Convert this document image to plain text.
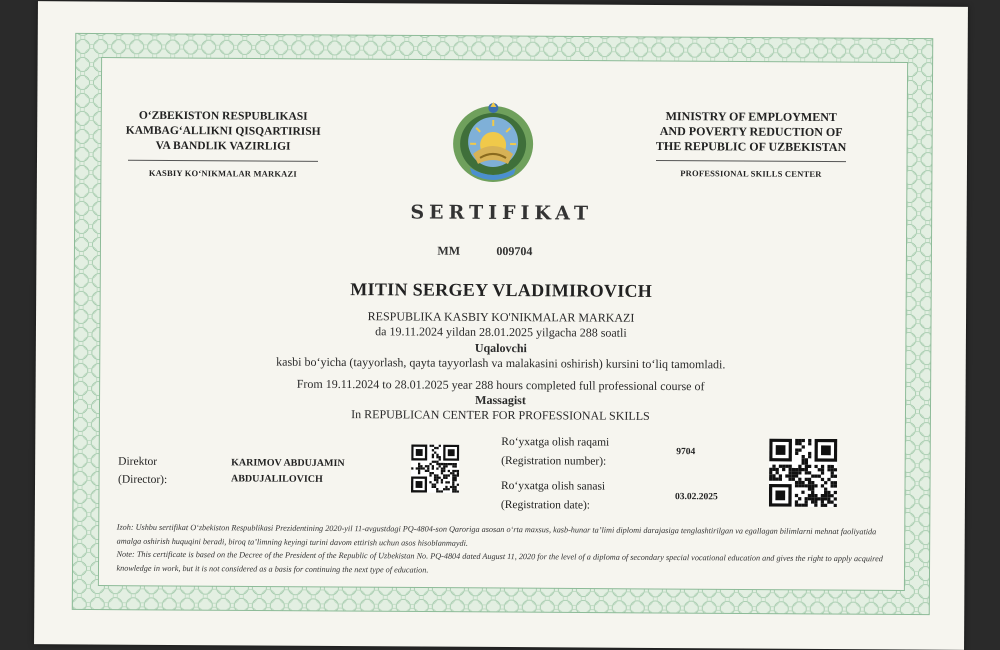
O‘ZBEKISTON RESPUBLIKASI
KAMBAG‘ALLIKNI QISQARTIRISH
VA BANDLIK VAZIRLIGI
KASBIY KO‘NIKMALAR MARKAZI
MINISTRY OF EMPLOYMENT
AND POVERTY REDUCTION OF
THE REPUBLIC OF UZBEKISTAN
PROFESSIONAL SKILLS CENTER
SERTIFIKAT
MM	009704
MITIN SERGEY VLADIMIROVICH
RESPUBLIKA KASBIY KO'NIKMALAR MARKAZI
da 19.11.2024 yildan 28.01.2025 yilgacha 288 soatli
Uqalovchi
kasbi bo‘yicha (tayyorlash, qayta tayyorlash va malakasini oshirish) kursini to‘liq tamomladi.
From 19.11.2024 to 28.01.2025 year 288 hours completed full professional course of
Massagist
In REPUBLICAN CENTER FOR PROFESSIONAL SKILLS
Direktor
(Director):
KARIMOV ABDUJAMIN
ABDUJALILOVICH
Ro‘yxatga olish raqami
(Registration number):
9704
Ro‘yxatga olish sanasi
(Registration date):
03.02.2025
Izoh: Ushbu sertifikat O‘zbekiston Respublikasi Prezidentining 2020-yil 11-avgustdagi PQ-4804-son Qaroriga asosan o‘rta maxsus, kasb-hunar ta’limi diplomi darajasiga tenglashtirilgan va egallagan bilimlarni mehnat faoliyatida amalga oshirish huquqini beradi, biroq ta’limning keyingi turini davom ettirish uchun asos hisoblanmaydi.
Note: This certificate is based on the Decree of the President of the Republic of Uzbekistan No. PQ-4804 dated August 11, 2020 for the level of a diploma of secondary special vocational education and gives the right to apply acquired knowledge in work, but it is not considered as a basis for continuing the next type of education.
